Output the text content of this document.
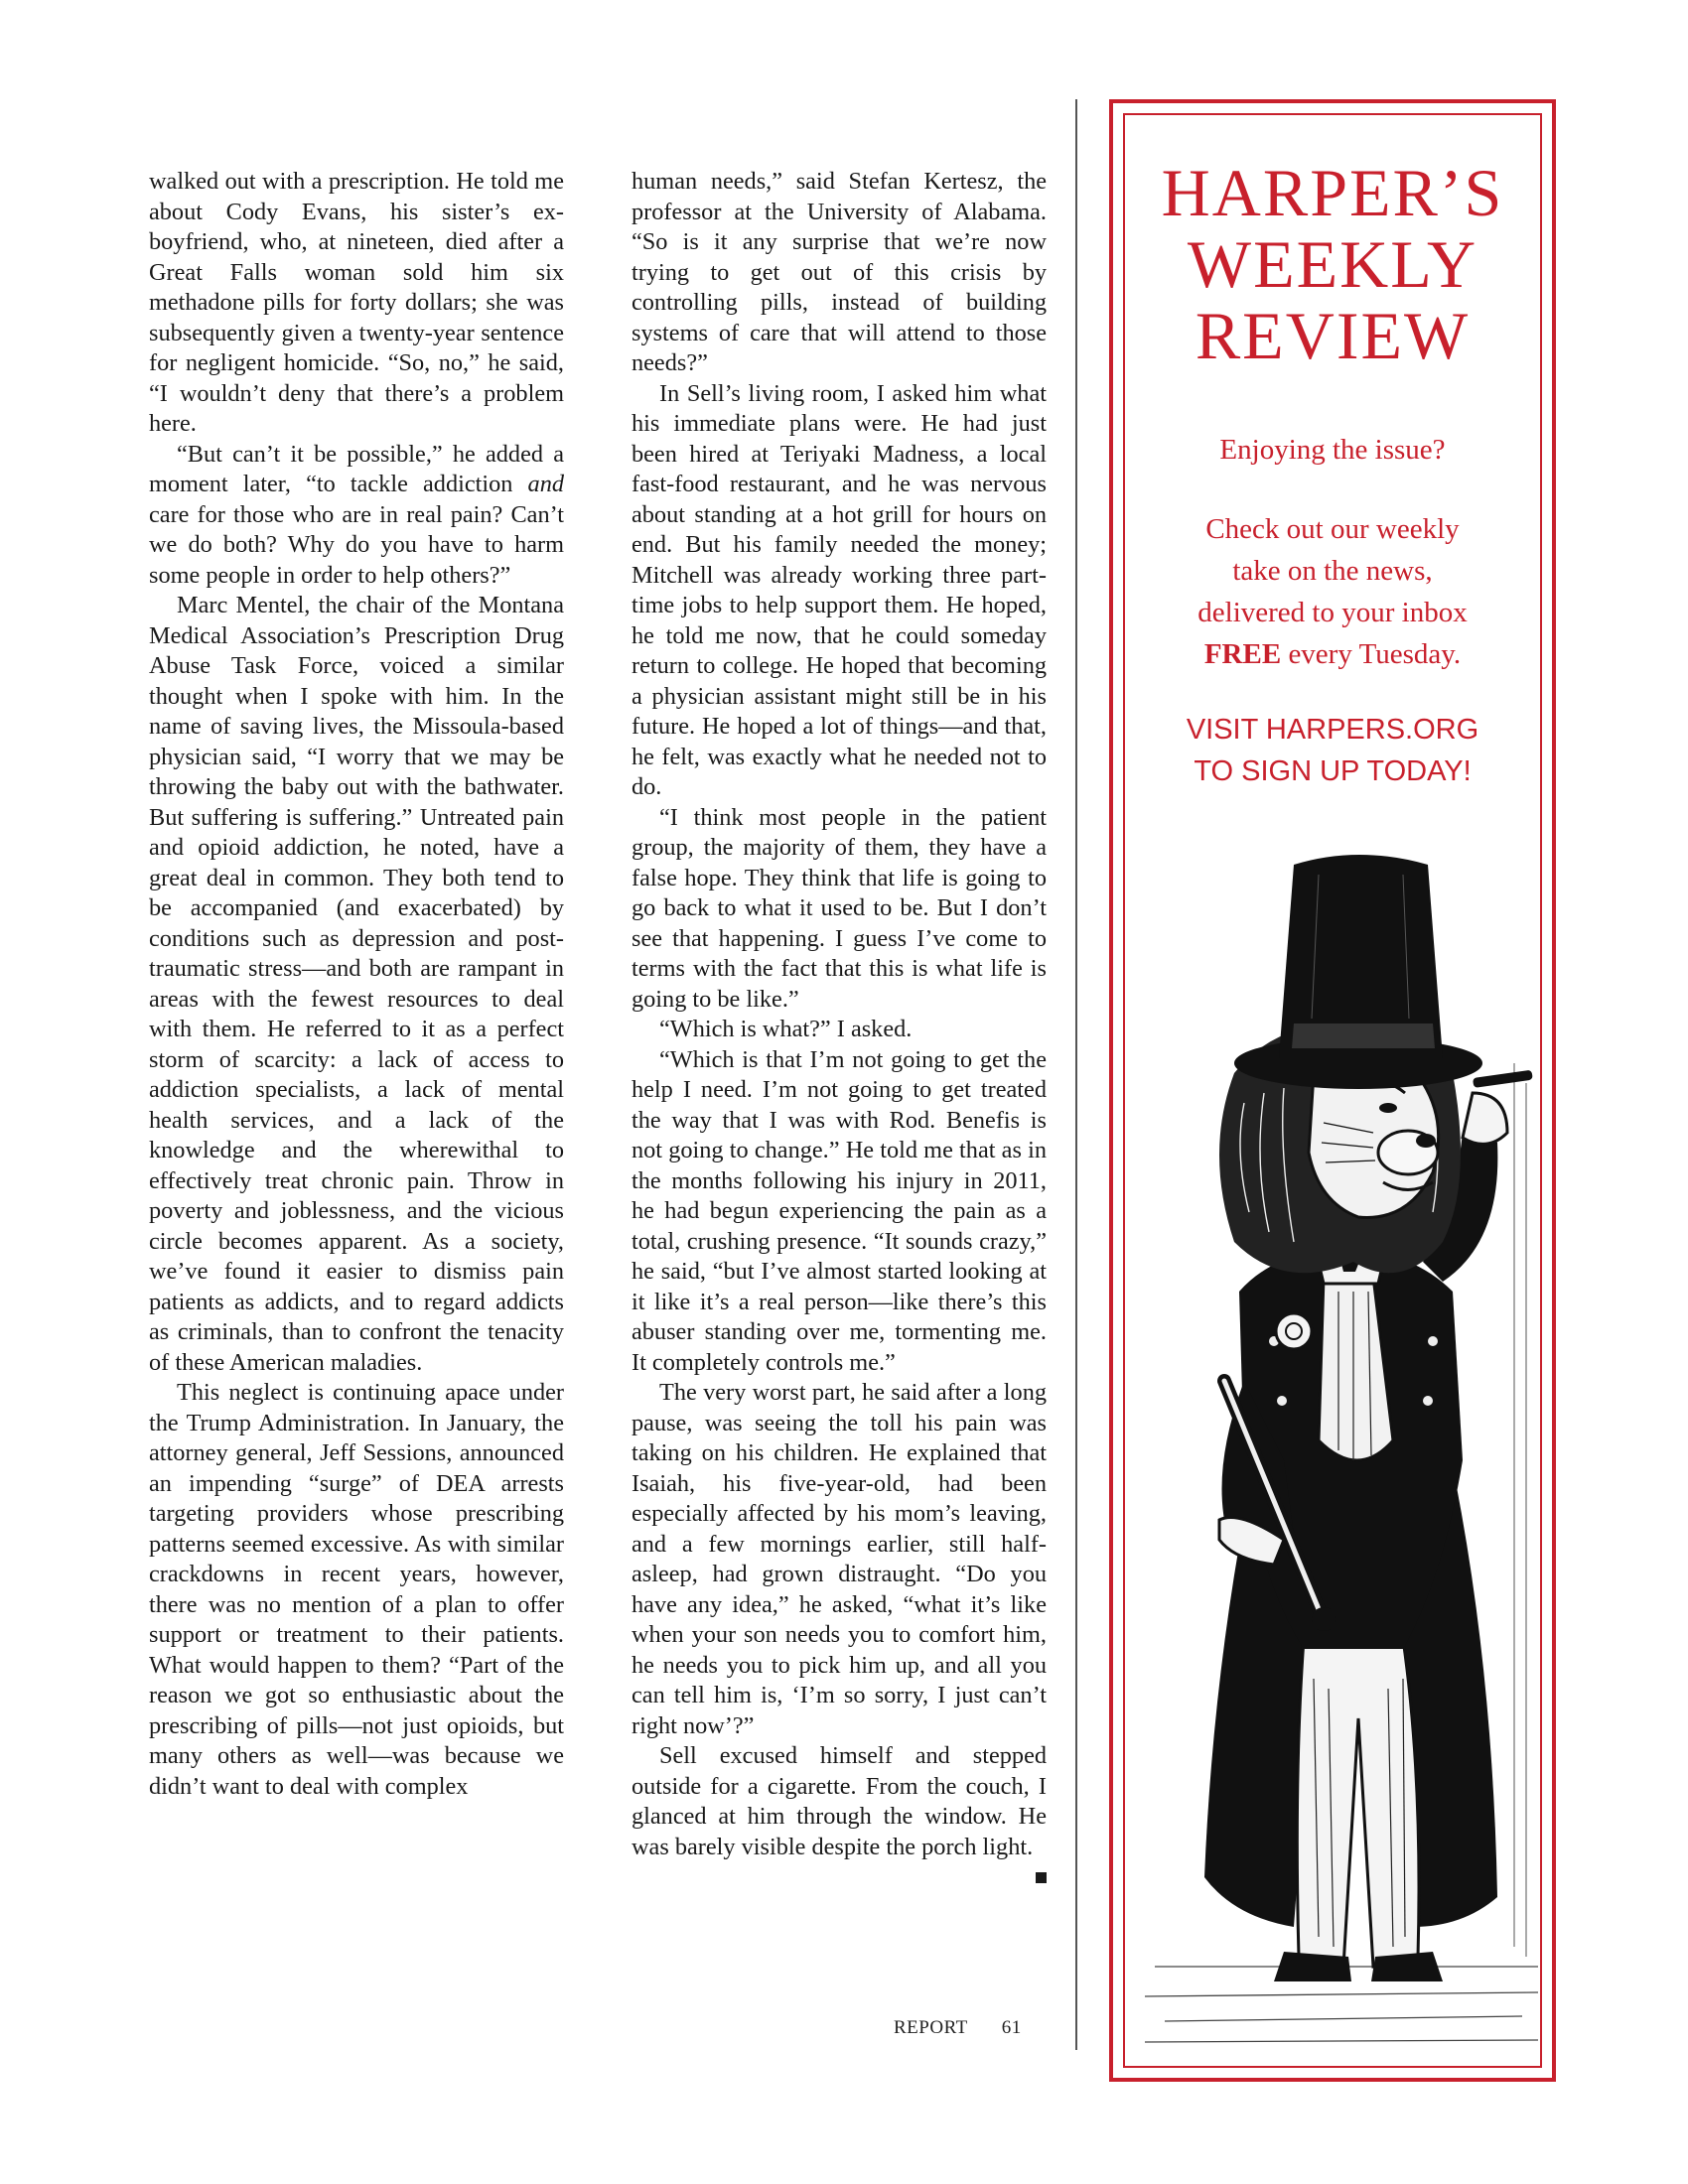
walked out with a prescription. He told me about Cody Evans, his sister’s ex-boyfriend, who, at nineteen, died after a Great Falls woman sold him six methadone pills for forty dollars; she was subsequently given a twenty-year sentence for negligent homicide. “So, no,” he said, “I wouldn’t deny that there’s a problem here.

“But can’t it be possible,” he added a moment later, “to tackle addiction and care for those who are in real pain? Can’t we do both? Why do you have to harm some people in order to help others?”

Marc Mentel, the chair of the Montana Medical Association’s Prescription Drug Abuse Task Force, voiced a similar thought when I spoke with him. In the name of saving lives, the Missoula-based physician said, “I worry that we may be throwing the baby out with the bathwater. But suffering is suffering.” Untreated pain and opioid addiction, he noted, have a great deal in common. They both tend to be accompanied (and exacerbated) by conditions such as depression and post-traumatic stress—and both are rampant in areas with the fewest resources to deal with them. He referred to it as a perfect storm of scarcity: a lack of access to addiction specialists, a lack of mental health services, and a lack of the knowledge and the wherewithal to effectively treat chronic pain. Throw in poverty and joblessness, and the vicious circle becomes apparent. As a society, we’ve found it easier to dismiss pain patients as addicts, and to regard addicts as criminals, than to confront the tenacity of these American maladies.

This neglect is continuing apace under the Trump Administration. In January, the attorney general, Jeff Sessions, announced an impending “surge” of DEA arrests targeting providers whose prescribing patterns seemed excessive. As with similar crackdowns in recent years, however, there was no mention of a plan to offer support or treatment to their patients. What would happen to them? “Part of the reason we got so enthusiastic about the prescribing of pills—not just opioids, but many others as well—was because we didn’t want to deal with complex

human needs,” said Stefan Kertesz, the professor at the University of Alabama. “So is it any surprise that we’re now trying to get out of this crisis by controlling pills, instead of building systems of care that will attend to those needs?”

In Sell’s living room, I asked him what his immediate plans were. He had just been hired at Teriyaki Madness, a local fast-food restaurant, and he was nervous about standing at a hot grill for hours on end. But his family needed the money; Mitchell was already working three part-time jobs to help support them. He hoped, he told me now, that he could someday return to college. He hoped that becoming a physician assistant might still be in his future. He hoped a lot of things—and that, he felt, was exactly what he needed not to do.

“I think most people in the patient group, the majority of them, they have a false hope. They think that life is going to go back to what it used to be. But I don’t see that happening. I guess I’ve come to terms with the fact that this is what life is going to be like.”

“Which is what?” I asked.

“Which is that I’m not going to get the help I need. I’m not going to get treated the way that I was with Rod. Benefis is not going to change.” He told me that as in the months following his injury in 2011, he had begun experiencing the pain as a total, crushing presence. “It sounds crazy,” he said, “but I’ve almost started looking at it like it’s a real person—like there’s this abuser standing over me, tormenting me. It completely controls me.”

The very worst part, he said after a long pause, was seeing the toll his pain was taking on his children. He explained that Isaiah, his five-year-old, had been especially affected by his mom’s leaving, and a few mornings earlier, still half-asleep, had grown distraught. “Do you have any idea,” he asked, “what it’s like when your son needs you to comfort him, he needs you to pick him up, and all you can tell him is, ‘I’m so sorry, I just can’t right now’?”

Sell excused himself and stepped outside for a cigarette. From the couch, I glanced at him through the window. He was barely visible despite the porch light.

REPORT 61
HARPER’S
WEEKLY
REVIEW
Enjoying the issue?
Check out our weekly
take on the news,
delivered to your inbox
FREE every Tuesday.
VISIT HARPERS.ORG
TO SIGN UP TODAY!
